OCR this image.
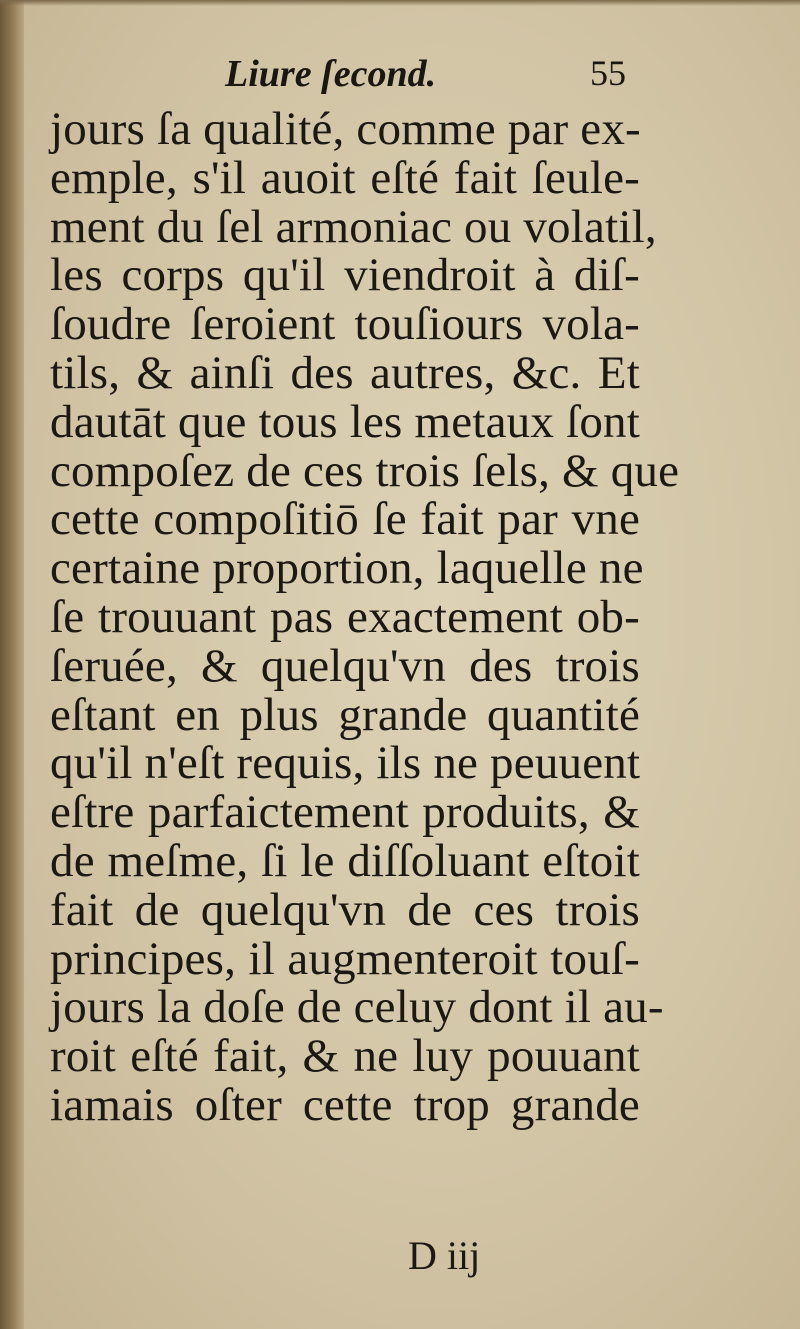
Liure ſecond.	55
jours ſa qualité, comme par ex-
emple, s'il auoit eſté fait ſeule-
ment du ſel armoniac ou volatil,
les corps qu'il viendroit à diſ-
ſoudre ſeroient touſiours vola-
tils, & ainſi des autres, &c. Et
dautāt que tous les metaux ſont
compoſez de ces trois ſels, & que
cette compoſitiō ſe fait par vne
certaine proportion, laquelle ne
ſe trouuant pas exactement ob-
ſeruée, & quelqu'vn des trois
eſtant en plus grande quantité
qu'il n'eſt requis, ils ne peuuent
eſtre parfaictement produits, &
de meſme, ſi le diſſoluant eſtoit
fait de quelqu'vn de ces trois
principes, il augmenteroit touſ-
jours la doſe de celuy dont il au-
roit eſté fait, & ne luy pouuant
iamais oſter cette trop grande
D iij
